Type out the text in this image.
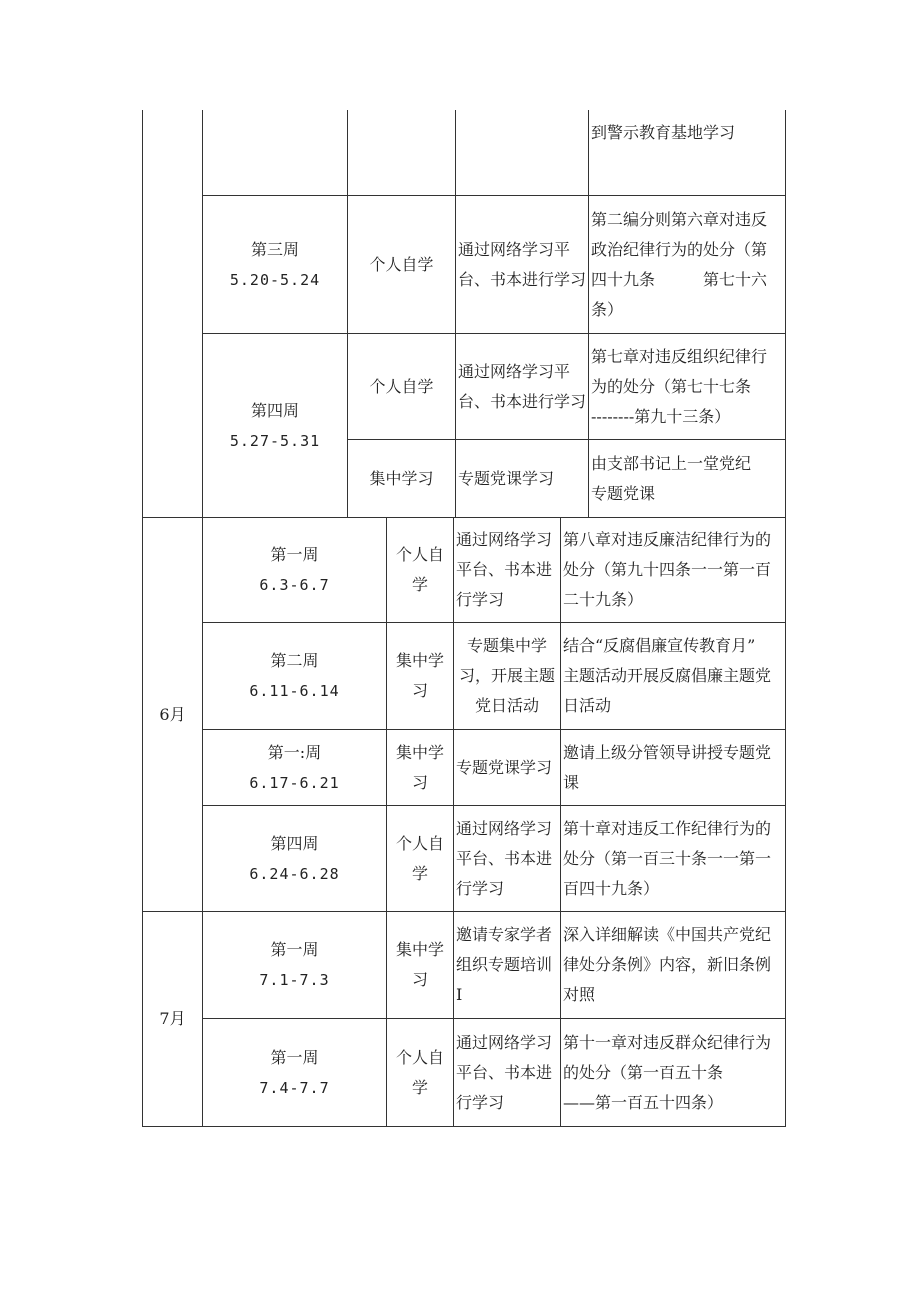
到警示教育基地学习
第三周
5.20-5.24
个人自学
通过网络学习平
台、书本进行学习
第二编分则第六章对违反
政治纪律行为的处分（第
四十九条　　　第七十六
条）
第四周
5.27-5.31
个人自学
通过网络学习平
台、书本进行学习
第七章对违反组织纪律行
为的处分（第七十七条
--------第九十三条）
集中学习	专题党课学习
由支部书记上一堂党纪
专题党课
6月
第一周
6.3-6.7
个人自
学
通过网络学习
平台、书本进
行学习
第八章对违反廉洁纪律行为的
处分（第九十四条一一第一百
二十九条）
第二周
6.11-6.14
集中学
习
专题集中学
习，开展主题
党日活动
结合“反腐倡廉宣传教育月”
主题活动开展反腐倡廉主题党
日活动
第一:周
6.17-6.21
集中学
习
专题党课学习
邀请上级分管领导讲授专题党
课
第四周
6.24-6.28
个人自
学
通过网络学习
平台、书本进
行学习
第十章对违反工作纪律行为的
处分（第一百三十条一一第一
百四十九条）
7月
第一周
7.1-7.3
集中学
习
邀请专家学者
组织专题培训
I
深入详细解读《中国共产党纪
律处分条例》内容，新旧条例
对照
第一周
7.4-7.7
个人自
学
通过网络学习
平台、书本进
行学习
第十一章对违反群众纪律行为
的处分（第一百五十条
——第一百五十四条）
